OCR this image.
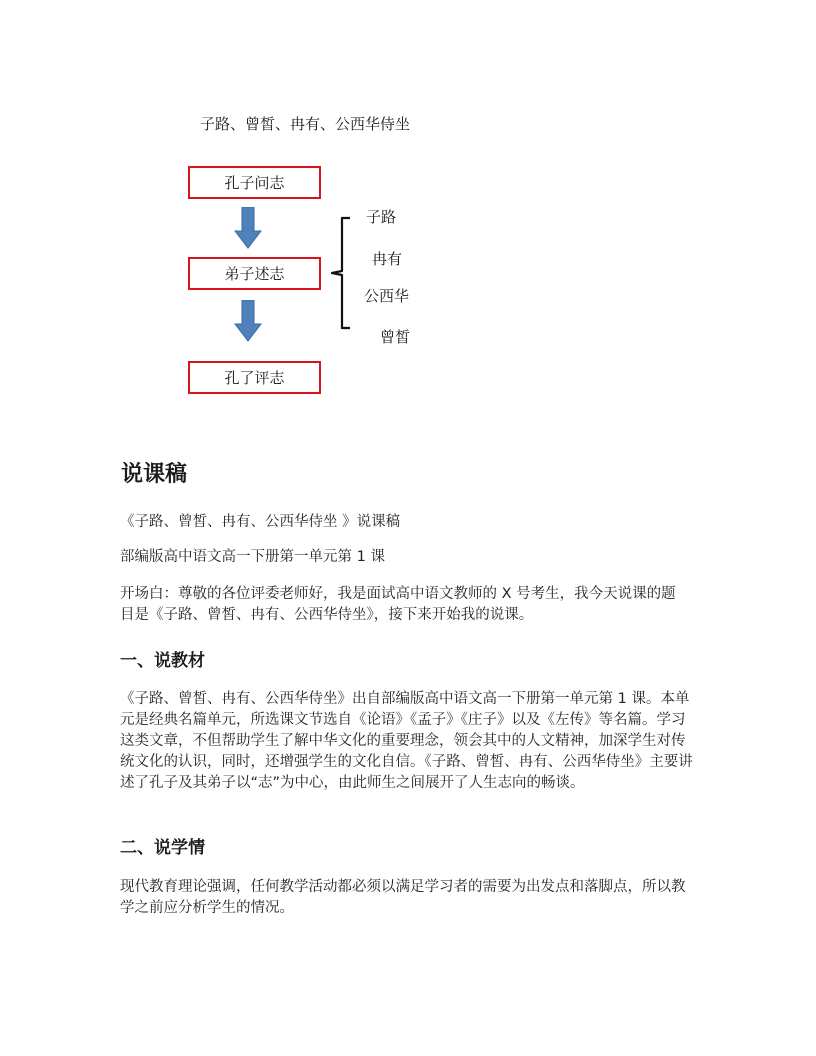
子路、曾皙、冉有、公西华侍坐
孔子问志
弟子述志
孔了评志
子路
冉有
公西华
曾皙
说课稿
《子路、曾皙、冉有、公西华侍坐 》说课稿
部编版高中语文高一下册第一单元第 1 课
开场白：尊敬的各位评委老师好，我是面试高中语文教师的 X 号考生，我今天说课的题目是《子路、曾皙、冉有、公西华侍坐》，接下来开始我的说课。
一、说教材
《子路、曾皙、冉有、公西华侍坐》出自部编版高中语文高一下册第一单元第 1 课。本单元是经典名篇单元，所选课文节选自《论语》《孟子》《庄子》以及《左传》等名篇。学习这类文章，不但帮助学生了解中华文化的重要理念，领会其中的人文精神，加深学生对传统文化的认识，同时，还增强学生的文化自信。《子路、曾皙、冉有、公西华侍坐》主要讲述了孔子及其弟子以“志”为中心，由此师生之间展开了人生志向的畅谈。
二、说学情
现代教育理论强调，任何教学活动都必须以满足学习者的需要为出发点和落脚点，所以教学之前应分析学生的情况。
